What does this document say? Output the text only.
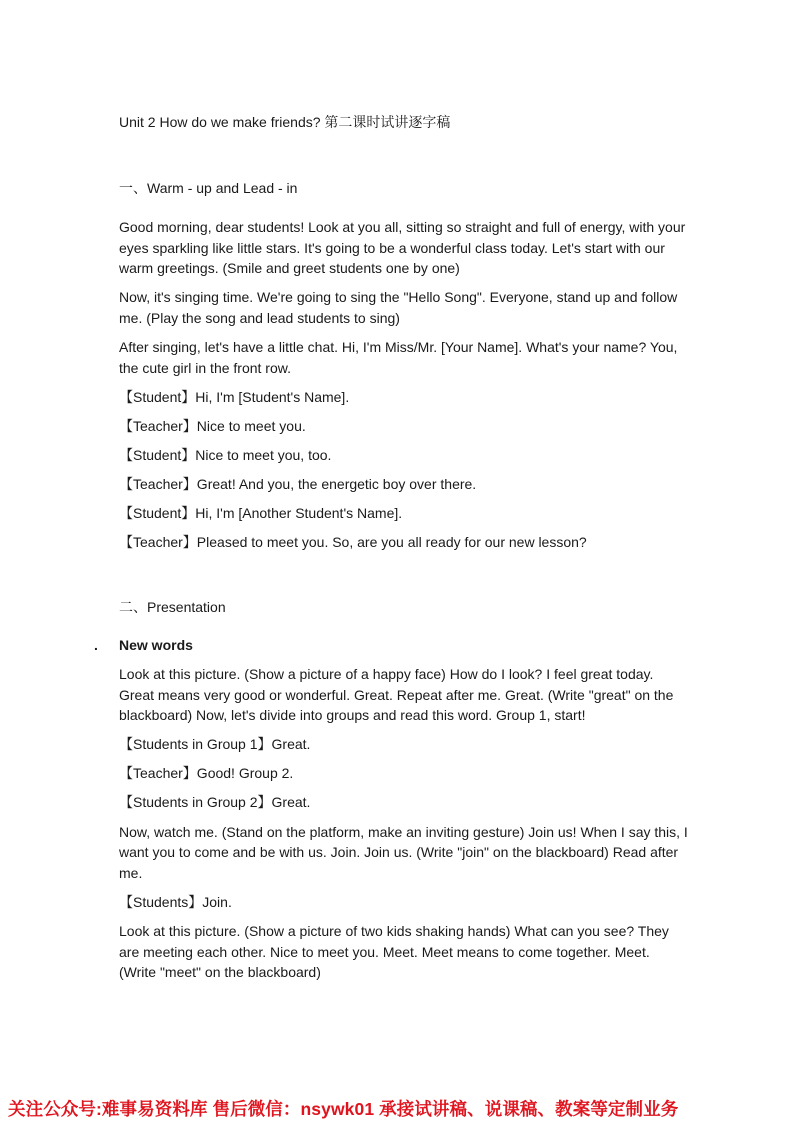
Unit 2 How do we make friends? 第二课时试讲逐字稿
一、Warm - up and Lead - in

Good morning, dear students! Look at you all, sitting so straight and full of energy, with your eyes sparkling like little stars. It's going to be a wonderful class today. Let's start with our warm greetings. (Smile and greet students one by one)

Now, it's singing time. We're going to sing the "Hello Song". Everyone, stand up and follow me. (Play the song and lead students to sing)

After singing, let's have a little chat. Hi, I'm Miss/Mr. [Your Name]. What's your name? You, the cute girl in the front row.

【Student】Hi, I'm [Student's Name].

【Teacher】Nice to meet you.

【Student】Nice to meet you, too.

【Teacher】Great! And you, the energetic boy over there.

【Student】Hi, I'm [Another Student's Name].

【Teacher】Pleased to meet you. So, are you all ready for our new lesson?

二、Presentation
. New words

Look at this picture. (Show a picture of a happy face) How do I look? I feel great today. Great means very good or wonderful. Great. Repeat after me. Great. (Write "great" on the blackboard) Now, let's divide into groups and read this word. Group 1, start!

【Students in Group 1】Great.

【Teacher】Good! Group 2.

【Students in Group 2】Great.

Now, watch me. (Stand on the platform, make an inviting gesture) Join us! When I say this, I want you to come and be with us. Join. Join us. (Write "join" on the blackboard) Read after me.

【Students】Join.

Look at this picture. (Show a picture of two kids shaking hands) What can you see? They are meeting each other. Nice to meet you. Meet. Meet means to come together. Meet. (Write "meet" on the blackboard)

关注公众号:难事易资料库 售后微信：nsywk01 承接试讲稿、说课稿、教案等定制业务
